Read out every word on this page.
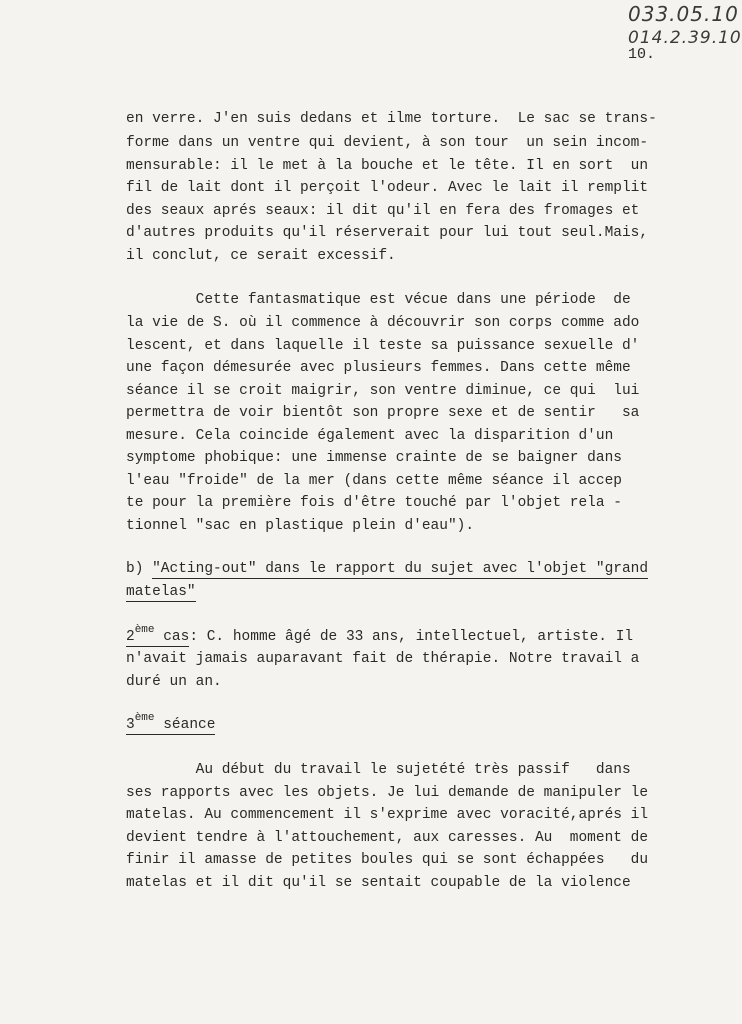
033.05.10
014.2.39.10
10.
en verre. J'en suis dedans et ilme torture.  Le sac se trans-
forme dans un ventre qui devient, à son tour  un sein incom-
mensurable: il le met à la bouche et le tête. Il en sort  un
fil de lait dont il perçoit l'odeur. Avec le lait il remplit
des seaux aprés seaux: il dit qu'il en fera des fromages et
d'autres produits qu'il réserverait pour lui tout seul.Mais,
il conclut, ce serait excessif.
Cette fantasmatique est vécue dans une période  de
la vie de S. où il commence à découvrir son corps comme ado
lescent, et dans laquelle il teste sa puissance sexuelle d'
une façon démesurée avec plusieurs femmes. Dans cette même
séance il se croit maigrir, son ventre diminue, ce qui  lui
permettra de voir bientôt son propre sexe et de sentir   sa
mesure. Cela coincide également avec la disparition d'un
symptome phobique: une immense crainte de se baigner dans
l'eau "froide" de la mer (dans cette même séance il accep
te pour la première fois d'être touché par l'objet rela -
tionnel "sac en plastique plein d'eau").
b) "Acting-out" dans le rapport du sujet avec l'objet "grand
matelas"
2ème cas: C. homme âgé de 33 ans, intellectuel, artiste. Il
n'avait jamais auparavant fait de thérapie. Notre travail a
duré un an.
3ème séance
Au début du travail le sujetété très passif   dans
ses rapports avec les objets. Je lui demande de manipuler le
matelas. Au commencement il s'exprime avec voracité,aprés il
devient tendre à l'attouchement, aux caresses. Au  moment de
finir il amasse de petites boules qui se sont échappées   du
matelas et il dit qu'il se sentait coupable de la violence
